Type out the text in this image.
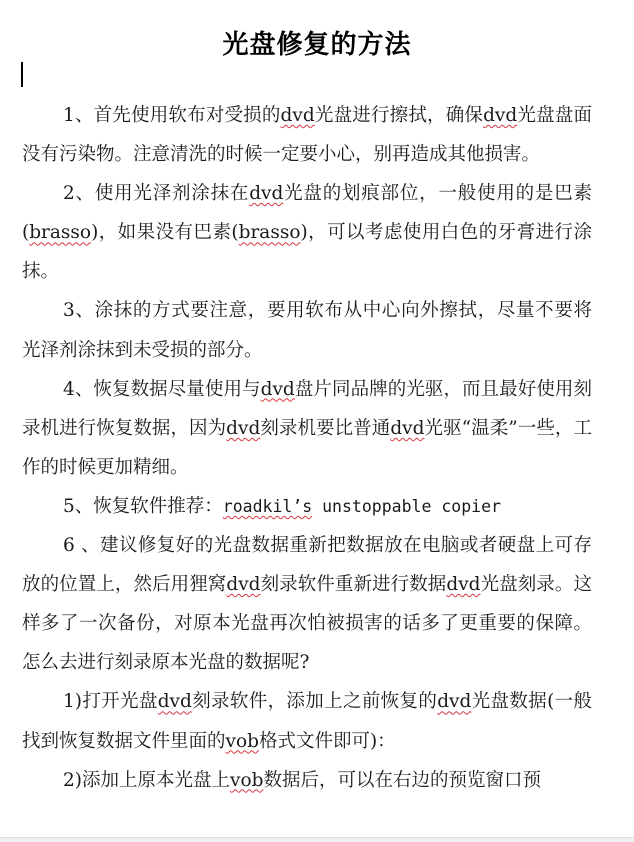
光盘修复的方法

1、首先使用软布对受损的dvd光盘进行擦拭，确保dvd光盘盘面没有污染物。注意清洗的时候一定要小心，别再造成其他损害。

2、使用光泽剂涂抹在dvd光盘的划痕部位，一般使用的是巴素(brasso)，如果没有巴素(brasso)，可以考虑使用白色的牙膏进行涂抹。

3、涂抹的方式要注意，要用软布从中心向外擦拭，尽量不要将光泽剂涂抹到未受损的部分。

4、恢复数据尽量使用与dvd盘片同品牌的光驱，而且最好使用刻录机进行恢复数据，因为dvd刻录机要比普通dvd光驱“温柔”一些，工作的时候更加精细。

5、恢复软件推荐：roadkil’s unstoppable copier

6 、建议修复好的光盘数据重新把数据放在电脑或者硬盘上可存放的位置上，然后用狸窝dvd刻录软件重新进行数据dvd光盘刻录。这样多了一次备份，对原本光盘再次怕被损害的话多了更重要的保障。怎么去进行刻录原本光盘的数据呢?

1)打开光盘dvd刻录软件，添加上之前恢复的dvd光盘数据(一般找到恢复数据文件里面的vob格式文件即可)：

2)添加上原本光盘上vob数据后，可以在右边的预览窗口预
